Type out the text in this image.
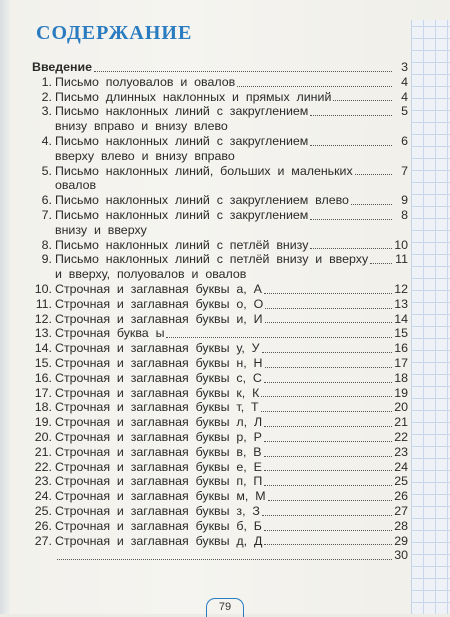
СОДЕРЖАНИЕ
Введение	3
1. Письмо  полуовалов  и  овалов	4
2. Письмо  длинных  наклонных  и  прямых  линий	4
3. Письмо  наклонных  линий  с  закруглением	5
внизу  вправо  и  внизу  влево
4. Письмо  наклонных  линий  с  закруглением	6
вверху  влево  и  внизу  вправо
5. Письмо  наклонных  линий,  больших  и  маленьких	7
овалов
6. Письмо  наклонных  линий  с  закруглением  влево	9
7. Письмо  наклонных  линий  с  закруглением	8
внизу  и  вверху
8. Письмо  наклонных  линий  с  петлёй  внизу	10
9. Письмо  наклонных  линий  с  петлёй  внизу  и  вверху 11
и  вверху,  полуовалов  и  овалов
10. Строчная  и  заглавная  буквы  а,  А	12
11. Строчная  и  заглавная  буквы  о,  О	13
12. Строчная  и  заглавная  буквы  и,  И	14
13. Строчная  буква  ы	15
14. Строчная  и  заглавная  буквы  у,  У	16
15. Строчная  и  заглавная  буквы  н,  Н	17
16. Строчная  и  заглавная  буквы  с,  С	18
17. Строчная  и  заглавная  буквы  к,  К	19
18. Строчная  и  заглавная  буквы  т,  Т	20
19. Строчная  и  заглавная  буквы  л,  Л	21
20. Строчная  и  заглавная  буквы  р,  Р	22
21. Строчная  и  заглавная  буквы  в,  В	23
22. Строчная  и  заглавная  буквы  е,  Е	24
23. Строчная  и  заглавная  буквы  п,  П	25
24. Строчная  и  заглавная  буквы  м,  М	26
25. Строчная  и  заглавная  буквы  з,  З	27
26. Строчная  и  заглавная  буквы  б,  Б	28
27. Строчная  и  заглавная  буквы  д,  Д	29
30
79
